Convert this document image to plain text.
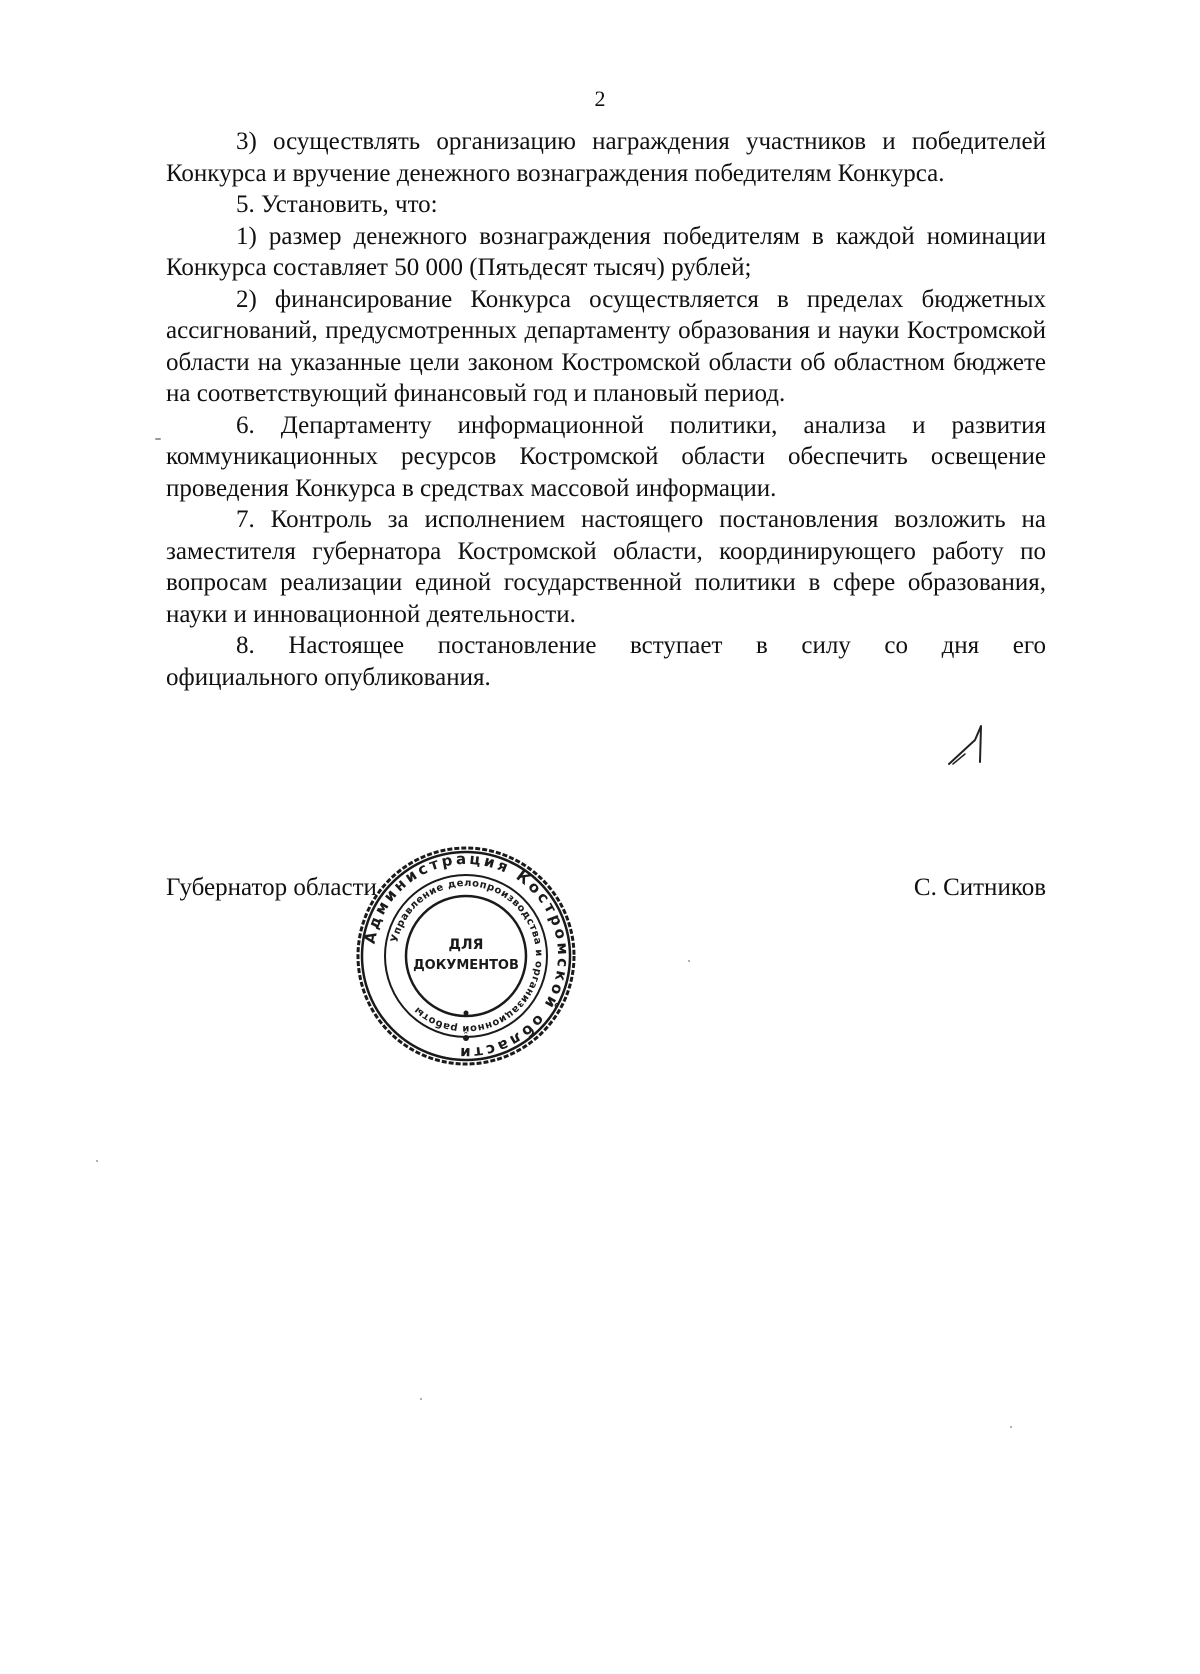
2

3) осуществлять организацию награждения участников и победителей Конкурса и вручение денежного вознаграждения победителям Конкурса.

5. Установить, что:

1) размер денежного вознаграждения победителям в каждой номинации Конкурса составляет 50 000 (Пятьдесят тысяч) рублей;

2) финансирование Конкурса осуществляется в пределах бюджетных ассигнований, предусмотренных департаменту образования и науки Костромской области на указанные цели законом Костромской области об областном бюджете на соответствующий финансовый год и плановый период.

6. Департаменту информационной политики, анализа и развития коммуникационных ресурсов Костромской области обеспечить освещение проведения Конкурса в средствах массовой информации.

7. Контроль за исполнением настоящего постановления возложить на заместителя губернатора Костромской области, координирующего работу по вопросам реализации единой государственной политики в сфере образования, науки и инновационной деятельности.

8. Настоящее постановление вступает в силу со дня его

официального опубликования.

Губернатор области	С. Ситников
Администрация Костромской области
Управление делопроизводства и организационной работы
ДЛЯ
ДОКУМЕНТОВ
